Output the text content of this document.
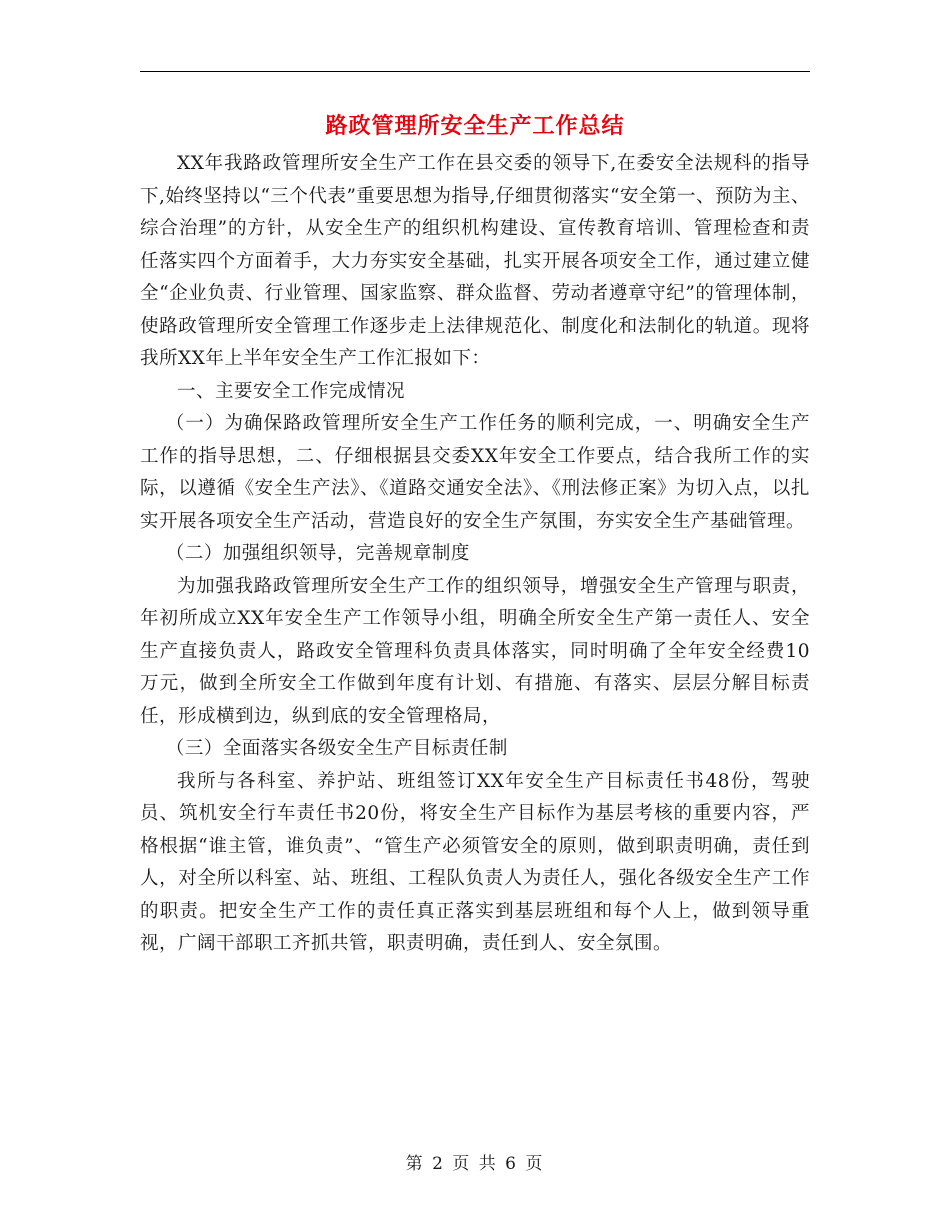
路政管理所安全生产工作总结

XX年我路政管理所安全生产工作在县交委的领导下,在委安全法规科的指导下,始终坚持以“三个代表”重要思想为指导,仔细贯彻落实“安全第一、预防为主、综合治理”的方针，从安全生产的组织机构建设、宣传教育培训、管理检查和责任落实四个方面着手，大力夯实安全基础，扎实开展各项安全工作，通过建立健全“企业负责、行业管理、国家监察、群众监督、劳动者遵章守纪”的管理体制，使路政管理所安全管理工作逐步走上法律规范化、制度化和法制化的轨道。现将我所XX年上半年安全生产工作汇报如下：

一、主要安全工作完成情况

（一）为确保路政管理所安全生产工作任务的顺利完成，一、明确安全生产工作的指导思想，二、仔细根据县交委XX年安全工作要点，结合我所工作的实际，以遵循《安全生产法》、《道路交通安全法》、《刑法修正案》为切入点，以扎实开展各项安全生产活动，营造良好的安全生产氛围，夯实安全生产基础管理。

（二）加强组织领导，完善规章制度

为加强我路政管理所安全生产工作的组织领导，增强安全生产管理与职责，年初所成立XX年安全生产工作领导小组，明确全所安全生产第一责任人、安全生产直接负责人，路政安全管理科负责具体落实，同时明确了全年安全经费10万元，做到全所安全工作做到年度有计划、有措施、有落实、层层分解目标责任，形成横到边，纵到底的安全管理格局，

（三）全面落实各级安全生产目标责任制

我所与各科室、养护站、班组签订XX年安全生产目标责任书48份，驾驶员、筑机安全行车责任书20份，将安全生产目标作为基层考核的重要内容，严格根据“谁主管，谁负责”、“管生产必须管安全的原则，做到职责明确，责任到人，对全所以科室、站、班组、工程队负责人为责任人，强化各级安全生产工作的职责。把安全生产工作的责任真正落实到基层班组和每个人上，做到领导重视，广阔干部职工齐抓共管，职责明确，责任到人、安全氛围。

第 2 页 共 6 页
